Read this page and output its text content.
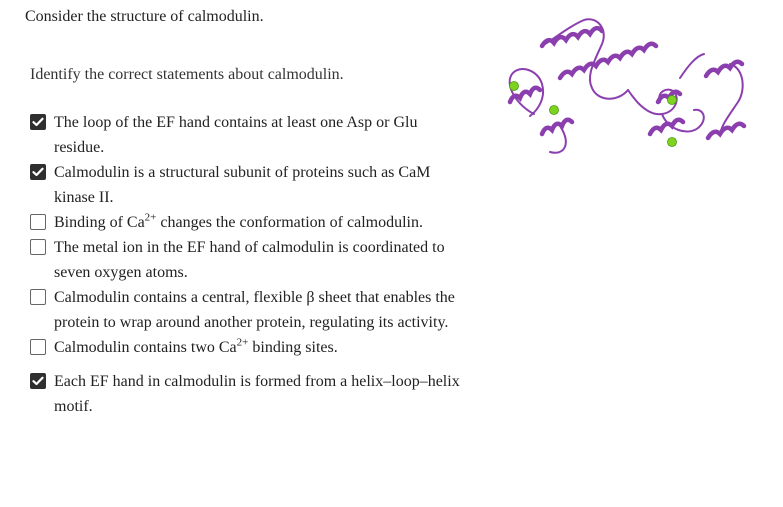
Consider the structure of calmodulin.

Identify the correct statements about calmodulin.

The loop of the EF hand contains at least one Asp or Glu residue.
Calmodulin is a structural subunit of proteins such as CaM kinase II.
Binding of $Ca^{2+}$ changes the conformation of calmodulin.
The metal ion in the EF hand of calmodulin is coordinated to seven oxygen atoms.
Calmodulin contains a central, flexible β sheet that enables the protein to wrap around another protein, regulating its activity.
Calmodulin contains two $Ca^{2+}$ binding sites.
Each EF hand in calmodulin is formed from a helix–loop–helix motif.
